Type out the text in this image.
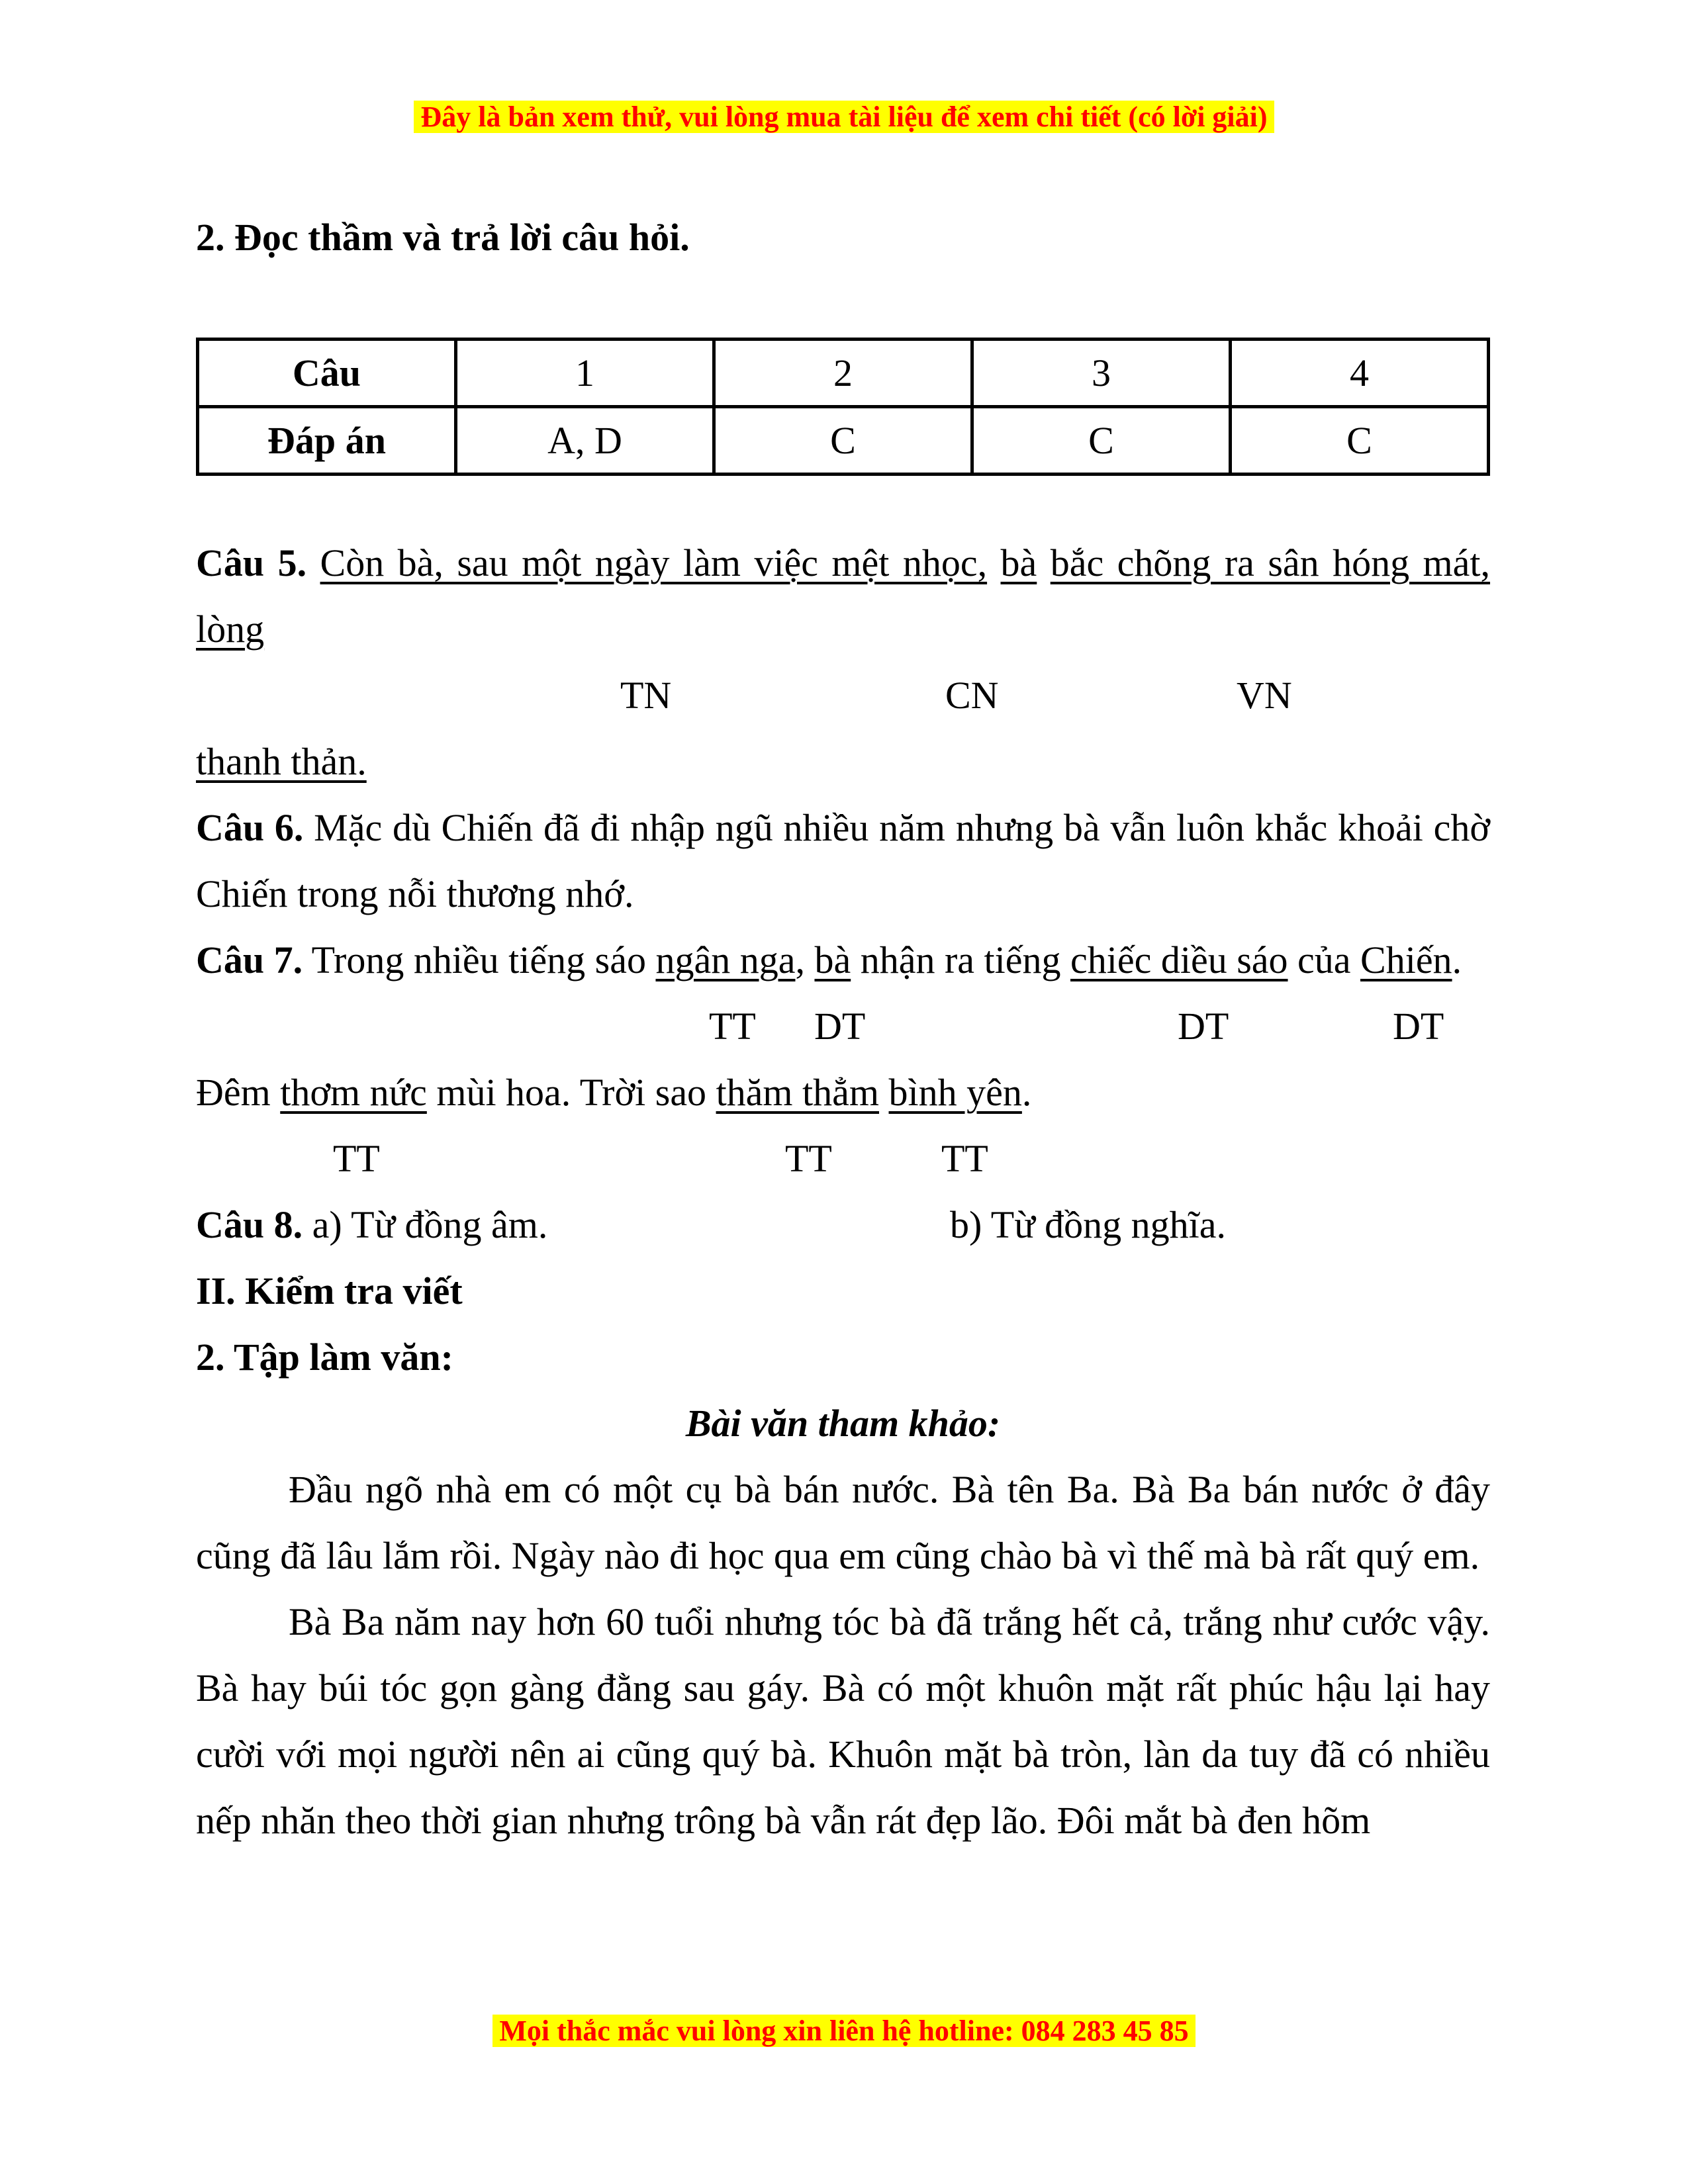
Đây là bản xem thử, vui lòng mua tài liệu để xem chi tiết (có lời giải)
2. Đọc thầm và trả lời câu hỏi.
Câu	1	2	3	4
Đáp án	A, D	C	C	C
Câu 5. Còn bà, sau một ngày làm việc mệt nhọc, bà bắc chõng ra sân hóng mát,
lòng
TN	CN	VN
thanh thản.
Câu 6. Mặc dù Chiến đã đi nhập ngũ nhiều năm nhưng bà vẫn luôn khắc khoải chờ Chiến trong nỗi thương nhớ.
Câu 7. Trong nhiều tiếng sáo ngân nga, bà nhận ra tiếng chiếc diều sáo của Chiến.
TT DT	DT	DT
Đêm thơm nức mùi hoa. Trời sao thăm thẳm bình yên.
TT	TT	TT
Câu 8. a) Từ đồng âm.	b) Từ đồng nghĩa.
II. Kiểm tra viết
2. Tập làm văn:
Bài văn tham khảo:
Đầu ngõ nhà em có một cụ bà bán nước. Bà tên Ba. Bà Ba bán nước ở đây cũng đã lâu lắm rồi. Ngày nào đi học qua em cũng chào bà vì thế mà bà rất quý em.
Bà Ba năm nay hơn 60 tuổi nhưng tóc bà đã trắng hết cả, trắng như cước vậy. Bà hay búi tóc gọn gàng đằng sau gáy. Bà có một khuôn mặt rất phúc hậu lại hay cười với mọi người nên ai cũng quý bà. Khuôn mặt bà tròn, làn da tuy đã có nhiều nếp nhăn theo thời gian nhưng trông bà vẫn rát đẹp lão. Đôi mắt bà đen hõm
Mọi thắc mắc vui lòng xin liên hệ hotline: 084 283 45 85
